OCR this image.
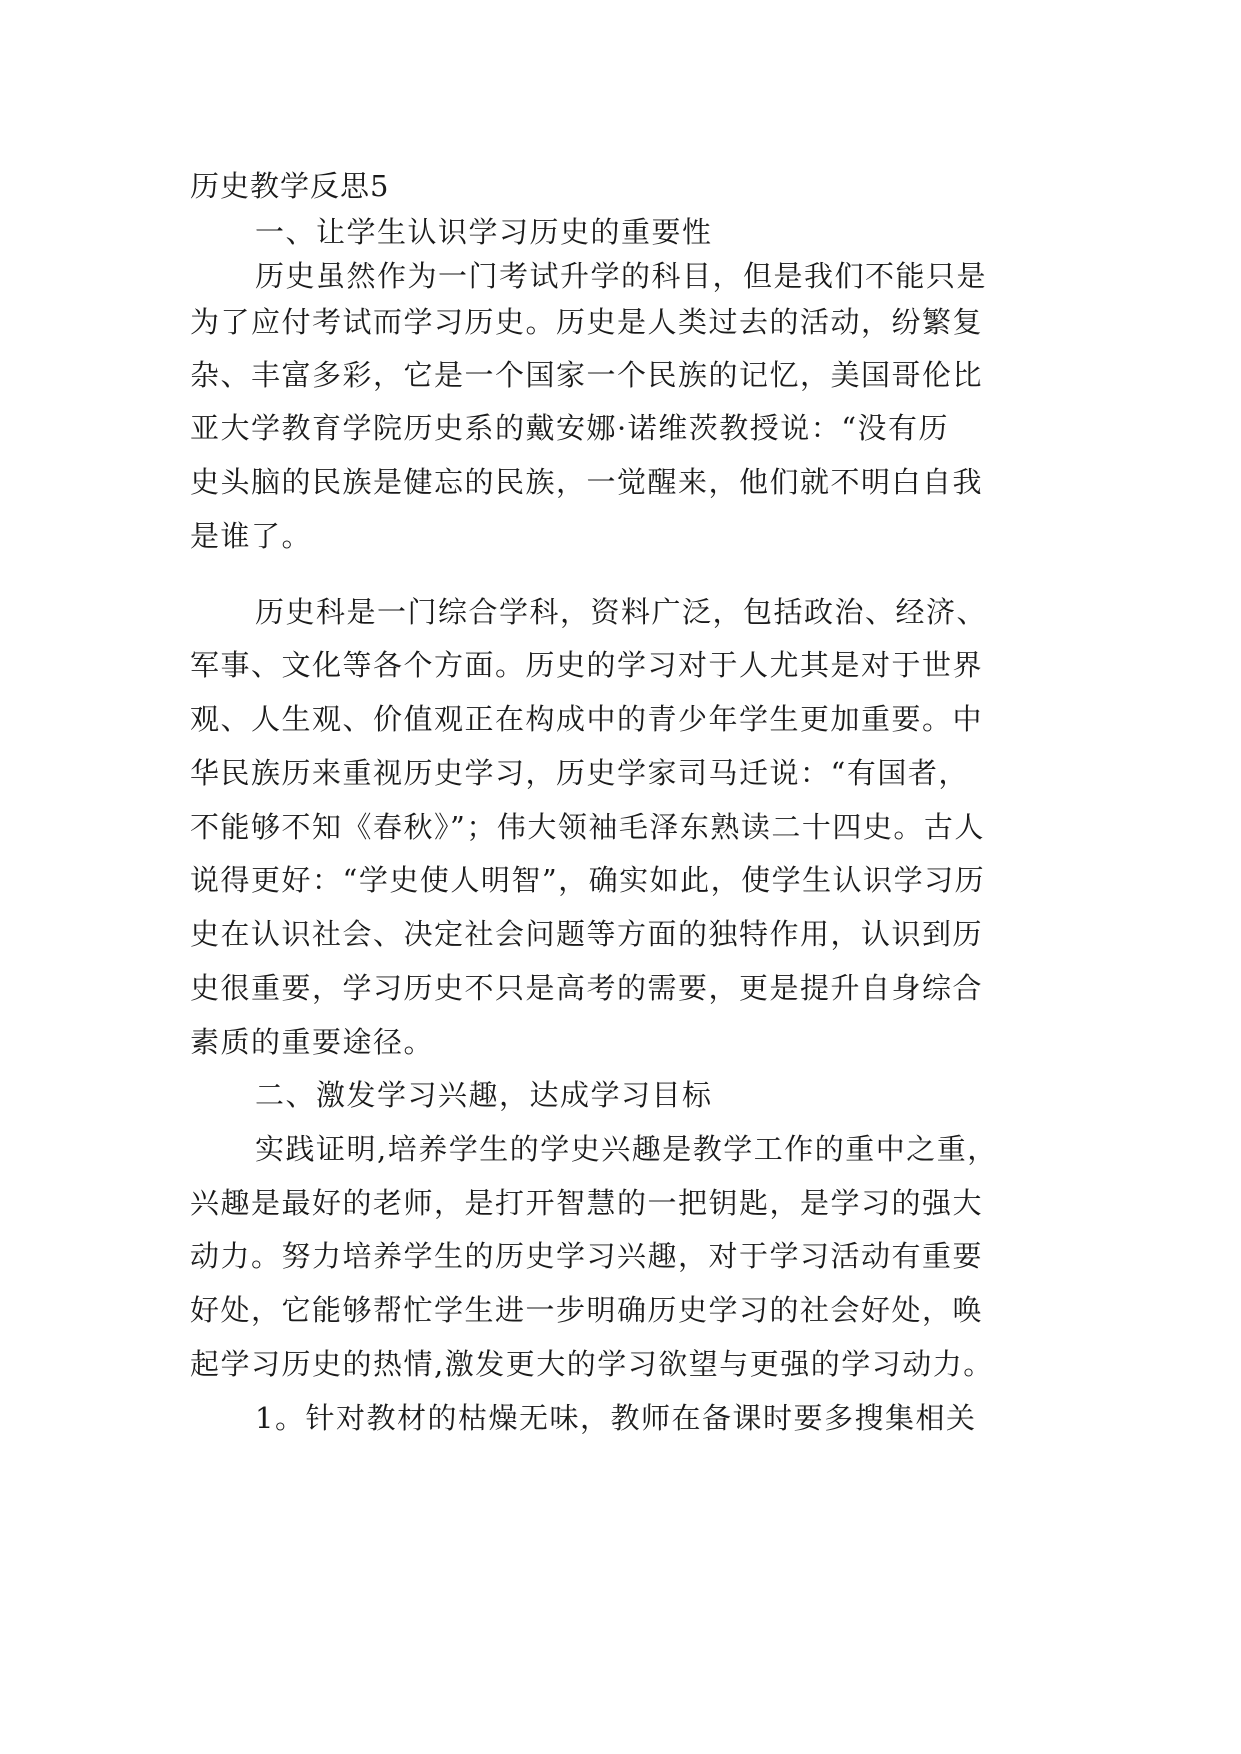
历史教学反思5

一、让学生认识学习历史的重要性

历史虽然作为一门考试升学的科目，但是我们不能只是

为了应付考试而学习历史。历史是人类过去的活动，纷繁复

杂、丰富多彩，它是一个国家一个民族的记忆，美国哥伦比

亚大学教育学院历史系的戴安娜·诺维茨教授说：“没有历

史头脑的民族是健忘的民族，一觉醒来，他们就不明白自我

是谁了。

历史科是一门综合学科，资料广泛，包括政治、经济、

军事、文化等各个方面。历史的学习对于人尤其是对于世界

观、人生观、价值观正在构成中的青少年学生更加重要。中

华民族历来重视历史学习，历史学家司马迁说：“有国者，

不能够不知《春秋》”；伟大领袖毛泽东熟读二十四史。古人

说得更好：“学史使人明智”，确实如此，使学生认识学习历

史在认识社会、决定社会问题等方面的独特作用，认识到历

史很重要，学习历史不只是高考的需要，更是提升自身综合

素质的重要途径。

二、激发学习兴趣，达成学习目标

实践证明,培养学生的学史兴趣是教学工作的重中之重，

兴趣是最好的老师，是打开智慧的一把钥匙，是学习的强大

动力。努力培养学生的历史学习兴趣，对于学习活动有重要

好处，它能够帮忙学生进一步明确历史学习的社会好处，唤

起学习历史的热情,激发更大的学习欲望与更强的学习动力。

1。针对教材的枯燥无味，教师在备课时要多搜集相关
